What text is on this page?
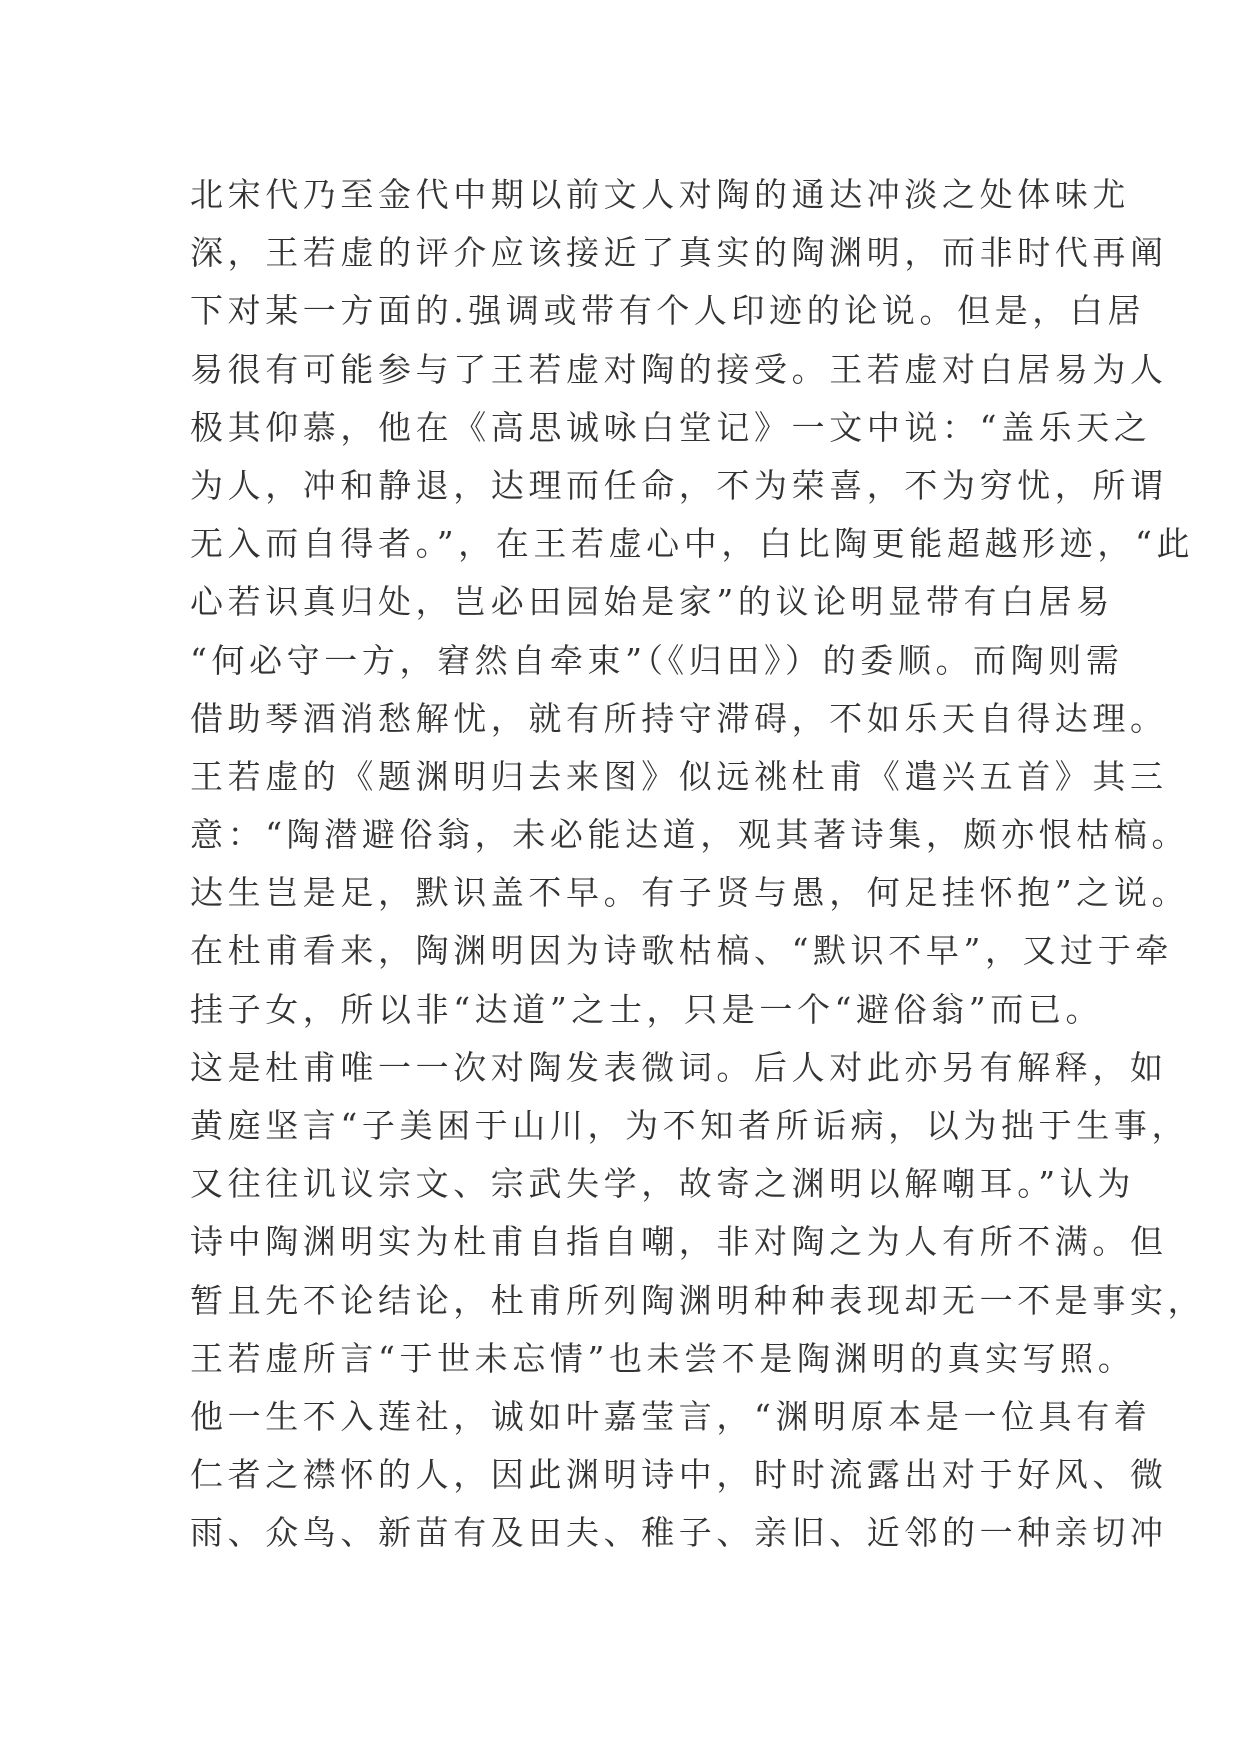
北宋代乃至金代中期以前文人对陶的通达冲淡之处体味尤
深，王若虚的评介应该接近了真实的陶渊明，而非时代再阐
下对某一方面的.强调或带有个人印迹的论说。但是，白居
易很有可能参与了王若虚对陶的接受。王若虚对白居易为人
极其仰慕，他在《高思诚咏白堂记》一文中说：“盖乐天之
为人，冲和静退，达理而任命，不为荣喜，不为穷忧，所谓
无入而自得者。”，在王若虚心中，白比陶更能超越形迹，“此
心若识真归处，岂必田园始是家”的议论明显带有白居易
“何必守一方，窘然自牵束”（《归田》）的委顺。而陶则需
借助琴酒消愁解忧，就有所持守滞碍，不如乐天自得达理。
王若虚的《题渊明归去来图》似远祧杜甫《遣兴五首》其三
意：“陶潜避俗翁，未必能达道，观其著诗集，颇亦恨枯槁。
达生岂是足，默识盖不早。有子贤与愚，何足挂怀抱”之说。
在杜甫看来，陶渊明因为诗歌枯槁、“默识不早”，又过于牵
挂子女，所以非“达道”之士，只是一个“避俗翁”而已。
这是杜甫唯一一次对陶发表微词。后人对此亦另有解释，如
黄庭坚言“子美困于山川，为不知者所诟病，以为拙于生事，
又往往讥议宗文、宗武失学，故寄之渊明以解嘲耳。”认为
诗中陶渊明实为杜甫自指自嘲，非对陶之为人有所不满。但
暂且先不论结论，杜甫所列陶渊明种种表现却无一不是事实，
王若虚所言“于世未忘情”也未尝不是陶渊明的真实写照。
他一生不入莲社，诚如叶嘉莹言，“渊明原本是一位具有着
仁者之襟怀的人，因此渊明诗中，时时流露出对于好风、微
雨、众鸟、新苗有及田夫、稚子、亲旧、近邻的一种亲切冲
